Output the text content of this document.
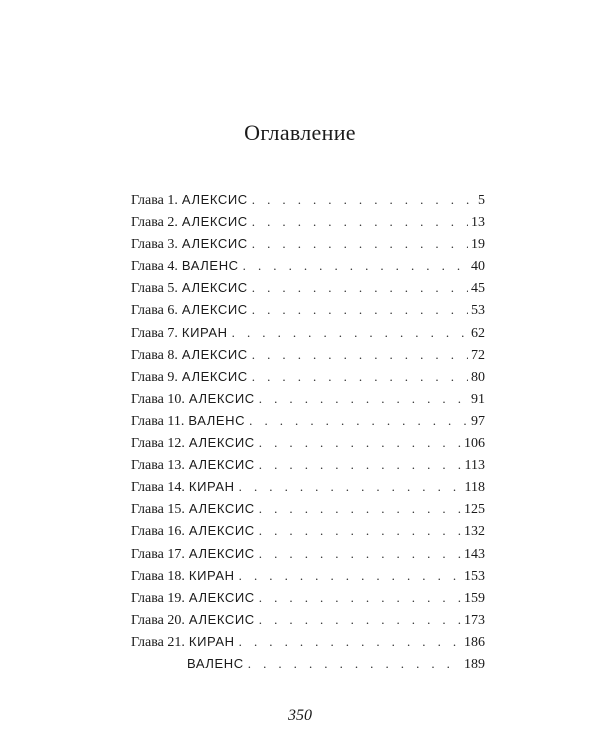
Оглавление
Глава 1. АЛЕКСИС . . .	5
Глава 2. АЛЕКСИС . . .	13
Глава 3. АЛЕКСИС . . .	19
Глава 4. ВАЛЕНС . . .	40
Глава 5. АЛЕКСИС . . .	45
Глава 6. АЛЕКСИС . . .	53
Глава 7. КИРАН . . .	62
Глава 8. АЛЕКСИС . . .	72
Глава 9. АЛЕКСИС . . .	80
Глава 10. АЛЕКСИС . . .	91
Глава 11. ВАЛЕНС . . .	97
Глава 12. АЛЕКСИС . . .	106
Глава 13. АЛЕКСИС . . .	113
Глава 14. КИРАН . . .	118
Глава 15. АЛЕКСИС . . .	125
Глава 16. АЛЕКСИС . . .	132
Глава 17. АЛЕКСИС . . .	143
Глава 18. КИРАН . . .	153
Глава 19. АЛЕКСИС . . .	159
Глава 20. АЛЕКСИС . . .	173
Глава 21. КИРАН . . .	186
ВАЛЕНС . . .	189
350
